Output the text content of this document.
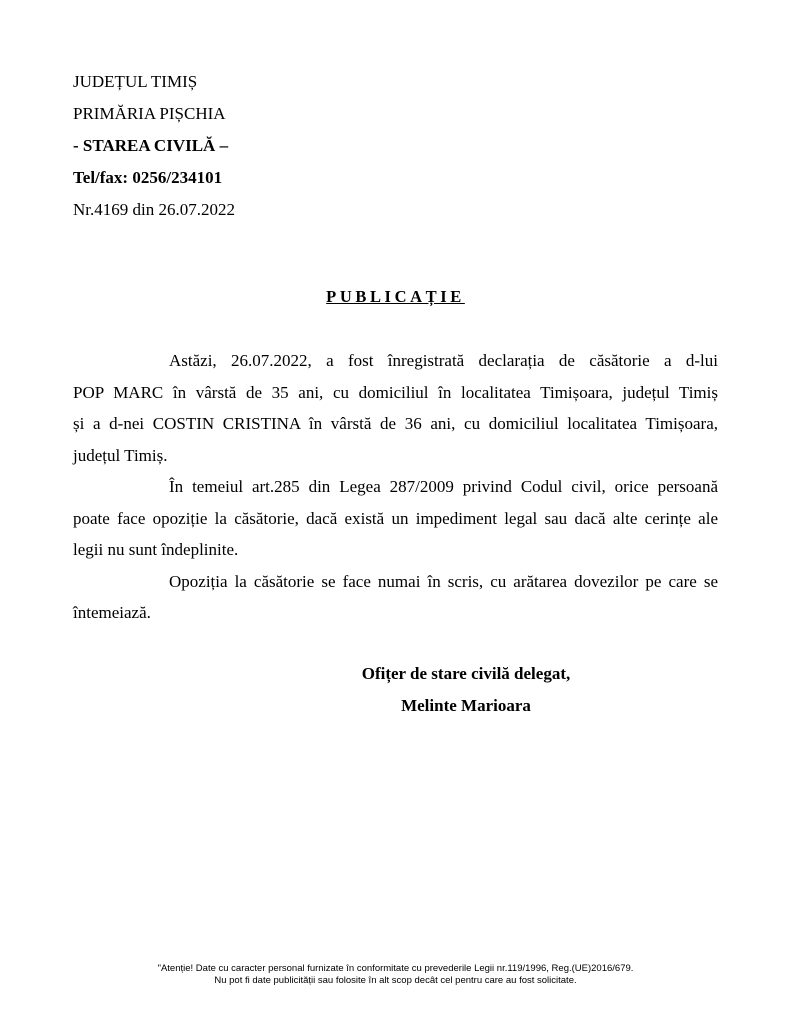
JUDEȚUL TIMIȘ
PRIMĂRIA PIȘCHIA
- STAREA CIVILĂ –
Tel/fax: 0256/234101
Nr.4169 din 26.07.2022
PUBLICAȚIE
Astăzi, 26.07.2022, a fost înregistrată declarația de căsătorie a d-lui
POP MARC în vârstă de 35 ani, cu domiciliul în localitatea Timișoara, județul Timiș
și a d-nei COSTIN CRISTINA în vârstă de 36 ani, cu domiciliul localitatea Timișoara,
județul Timiș.
În temeiul art.285 din Legea 287/2009 privind Codul civil, orice persoană
poate face opoziție la căsătorie, dacă există un impediment legal sau dacă alte cerințe ale
legii nu sunt îndeplinite.
Opoziția la căsătorie se face numai în scris, cu arătarea dovezilor pe care se
întemeiază.
Ofițer de stare civilă delegat,
Melinte Marioara
"Atenție! Date cu caracter personal furnizate în conformitate cu prevederile Legii nr.119/1996, Reg.(UE)2016/679.
Nu pot fi date publicității sau folosite în alt scop decât cel pentru care au fost solicitate.
